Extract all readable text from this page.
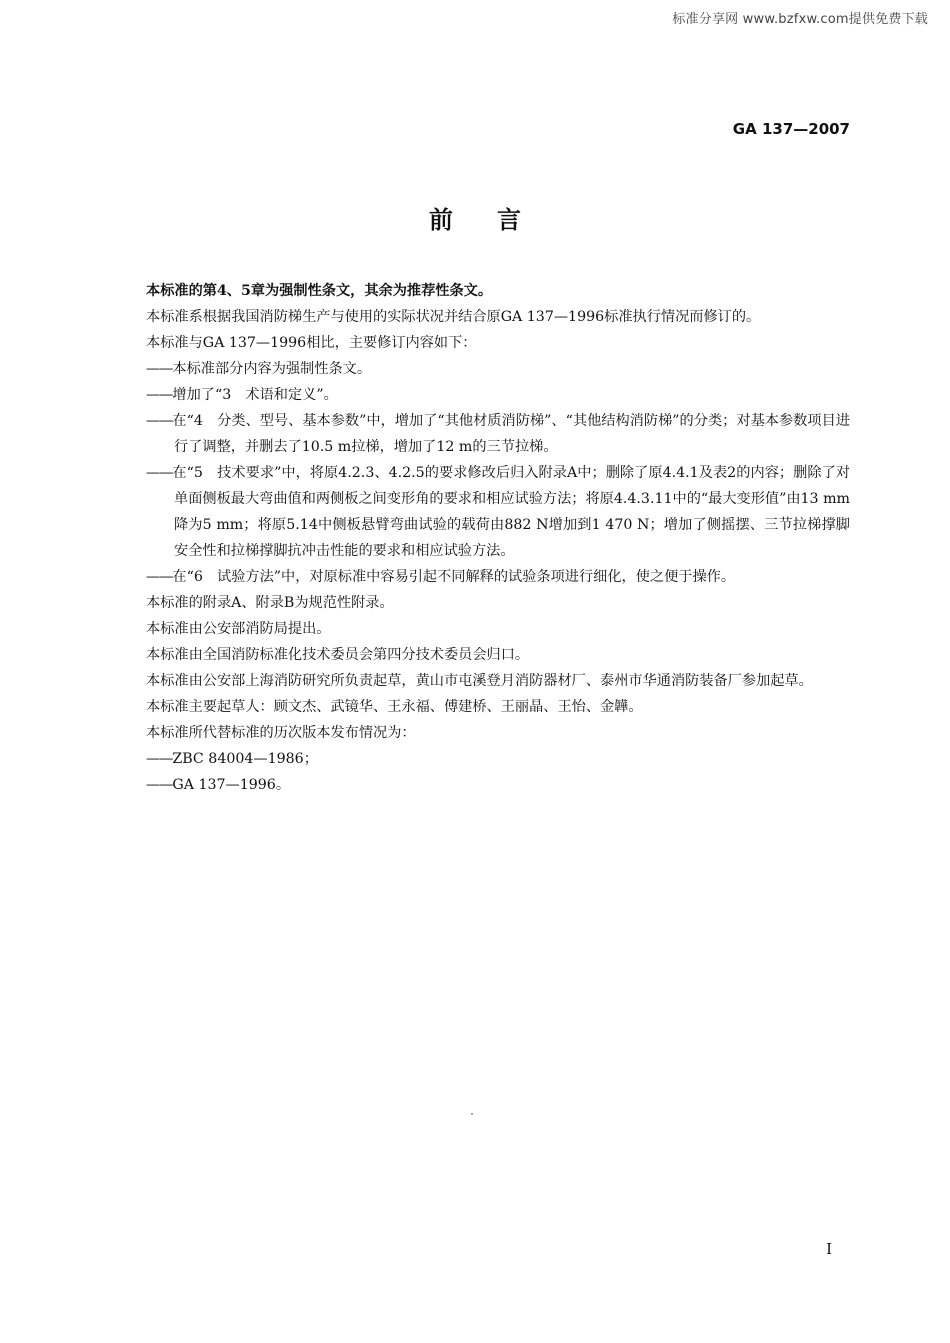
标准分享网 www.bzfxw.com提供免费下载
GA 137—2007
前言

本标准的第4、5章为强制性条文，其余为推荐性条文。

本标准系根据我国消防梯生产与使用的实际状况并结合原GA 137—1996标准执行情况而修订的。

本标准与GA 137—1996相比，主要修订内容如下：

——本标准部分内容为强制性条文。

——增加了“3　术语和定义”。

——在“4　分类、型号、基本参数”中，增加了“其他材质消防梯”、“其他结构消防梯”的分类；对基本参数项目进行了调整，并删去了10.5 m拉梯，增加了12 m的三节拉梯。

——在“5　技术要求”中，将原4.2.3、4.2.5的要求修改后归入附录A中；删除了原4.4.1及表2的内容；删除了对单面侧板最大弯曲值和两侧板之间变形角的要求和相应试验方法；将原4.4.3.11中的“最大变形值”由13 mm降为5 mm；将原5.14中侧板悬臂弯曲试验的载荷由882 N增加到1 470 N；增加了侧摇摆、三节拉梯撑脚安全性和拉梯撑脚抗冲击性能的要求和相应试验方法。

——在“6　试验方法”中，对原标准中容易引起不同解释的试验条项进行细化，使之便于操作。

本标准的附录A、附录B为规范性附录。

本标准由公安部消防局提出。

本标准由全国消防标准化技术委员会第四分技术委员会归口。

本标准由公安部上海消防研究所负责起草，黄山市屯溪登月消防器材厂、泰州市华通消防装备厂参加起草。

本标准主要起草人：顾文杰、武镜华、王永福、傅建桥、王丽晶、王怡、金韡。

本标准所代替标准的历次版本发布情况为：

——ZBC 84004—1986；

——GA 137—1996。

I
